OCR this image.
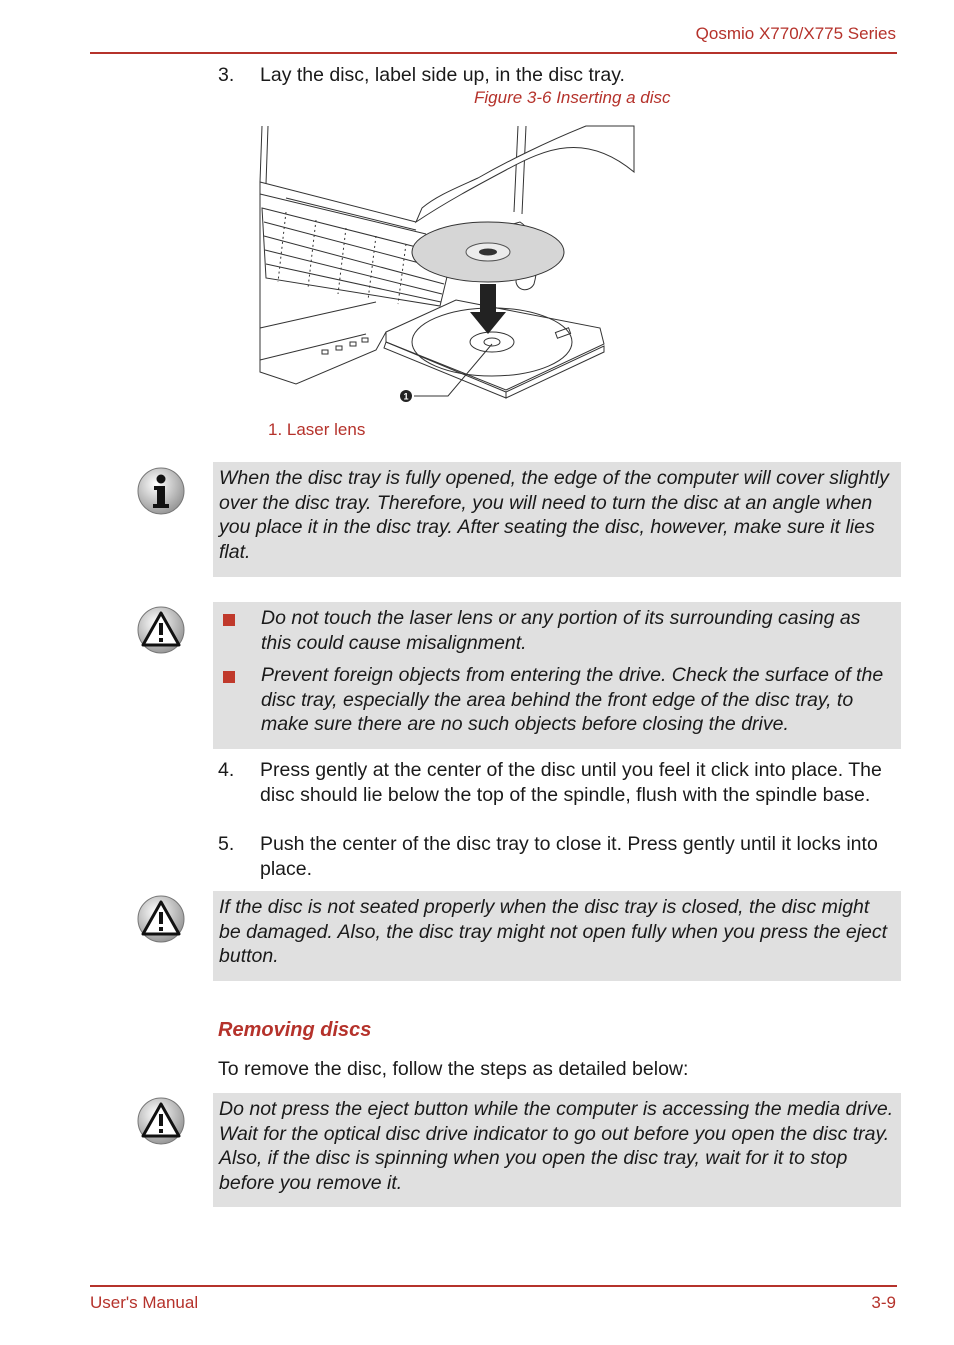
Qosmio X770/X775 Series
3. Lay the disc, label side up, in the disc tray.
Figure 3-6 Inserting a disc
1
1. Laser lens
When the disc tray is fully opened, the edge of the computer will cover slightly over the disc tray. Therefore, you will need to turn the disc at an angle when you place it in the disc tray. After seating the disc, however, make sure it lies flat.
Do not touch the laser lens or any portion of its surrounding casing as this could cause misalignment.
Prevent foreign objects from entering the drive. Check the surface of the disc tray, especially the area behind the front edge of the disc tray, to make sure there are no such objects before closing the drive.
4. Press gently at the center of the disc until you feel it click into place. The disc should lie below the top of the spindle, flush with the spindle base.
5. Push the center of the disc tray to close it. Press gently until it locks into place.
If the disc is not seated properly when the disc tray is closed, the disc might be damaged. Also, the disc tray might not open fully when you press the eject button.
Removing discs
To remove the disc, follow the steps as detailed below:
Do not press the eject button while the computer is accessing the media drive. Wait for the optical disc drive indicator to go out before you open the disc tray. Also, if the disc is spinning when you open the disc tray, wait for it to stop before you remove it.
User's Manual	3-9
